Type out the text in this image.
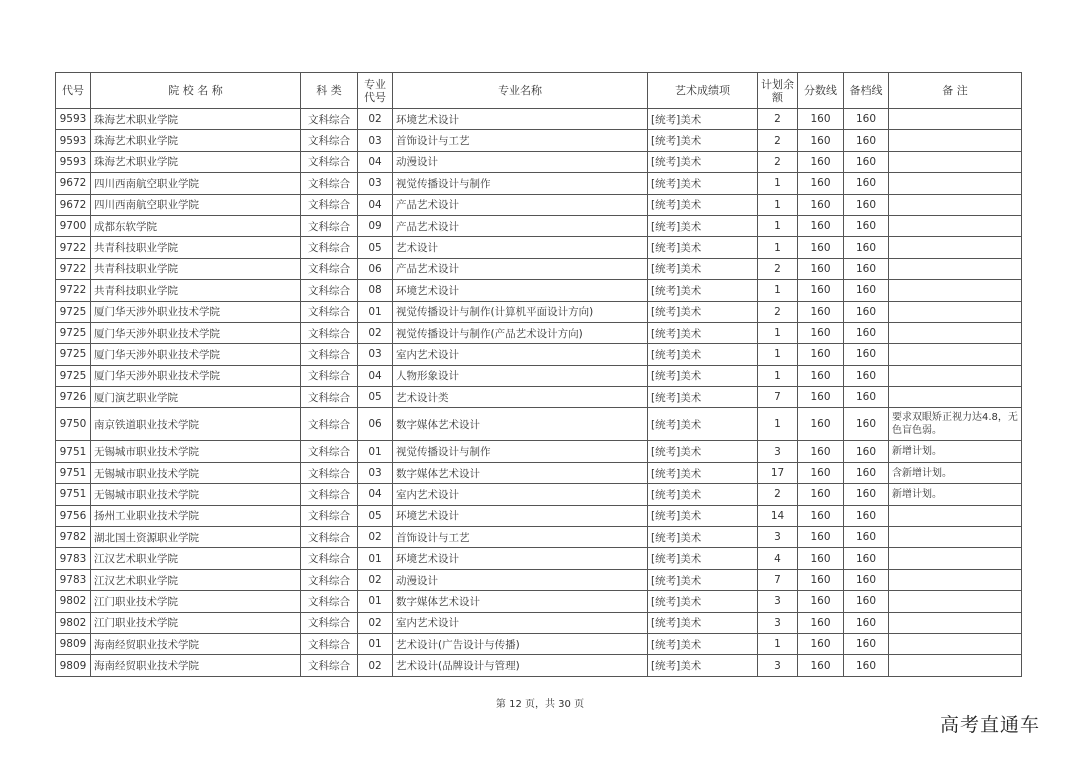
代号	院 校 名 称	科 类	专业代号	专业名称	艺术成绩项	计划余额	分数线	备档线	备 注
9593	珠海艺术职业学院	文科综合	02	环境艺术设计	[统考]美术	2	160	160	
9593	珠海艺术职业学院	文科综合	03	首饰设计与工艺	[统考]美术	2	160	160	
9593	珠海艺术职业学院	文科综合	04	动漫设计	[统考]美术	2	160	160	
9672	四川西南航空职业学院	文科综合	03	视觉传播设计与制作	[统考]美术	1	160	160	
9672	四川西南航空职业学院	文科综合	04	产品艺术设计	[统考]美术	1	160	160	
9700	成都东软学院	文科综合	09	产品艺术设计	[统考]美术	1	160	160	
9722	共青科技职业学院	文科综合	05	艺术设计	[统考]美术	1	160	160	
9722	共青科技职业学院	文科综合	06	产品艺术设计	[统考]美术	2	160	160	
9722	共青科技职业学院	文科综合	08	环境艺术设计	[统考]美术	1	160	160	
9725	厦门华天涉外职业技术学院	文科综合	01	视觉传播设计与制作(计算机平面设计方向)	[统考]美术	2	160	160	
9725	厦门华天涉外职业技术学院	文科综合	02	视觉传播设计与制作(产品艺术设计方向)	[统考]美术	1	160	160	
9725	厦门华天涉外职业技术学院	文科综合	03	室内艺术设计	[统考]美术	1	160	160	
9725	厦门华天涉外职业技术学院	文科综合	04	人物形象设计	[统考]美术	1	160	160	
9726	厦门演艺职业学院	文科综合	05	艺术设计类	[统考]美术	7	160	160	
9750	南京铁道职业技术学院	文科综合	06	数字媒体艺术设计	[统考]美术	1	160	160	要求双眼矫正视力达4.8，无色盲色弱。
9751	无锡城市职业技术学院	文科综合	01	视觉传播设计与制作	[统考]美术	3	160	160	新增计划。
9751	无锡城市职业技术学院	文科综合	03	数字媒体艺术设计	[统考]美术	17	160	160	含新增计划。
9751	无锡城市职业技术学院	文科综合	04	室内艺术设计	[统考]美术	2	160	160	新增计划。
9756	扬州工业职业技术学院	文科综合	05	环境艺术设计	[统考]美术	14	160	160	
9782	湖北国土资源职业学院	文科综合	02	首饰设计与工艺	[统考]美术	3	160	160	
9783	江汉艺术职业学院	文科综合	01	环境艺术设计	[统考]美术	4	160	160	
9783	江汉艺术职业学院	文科综合	02	动漫设计	[统考]美术	7	160	160	
9802	江门职业技术学院	文科综合	01	数字媒体艺术设计	[统考]美术	3	160	160	
9802	江门职业技术学院	文科综合	02	室内艺术设计	[统考]美术	3	160	160	
9809	海南经贸职业技术学院	文科综合	01	艺术设计(广告设计与传播)	[统考]美术	1	160	160	
9809	海南经贸职业技术学院	文科综合	02	艺术设计(品牌设计与管理)	[统考]美术	3	160	160	
第 12 页，共 30 页
高考直通车
